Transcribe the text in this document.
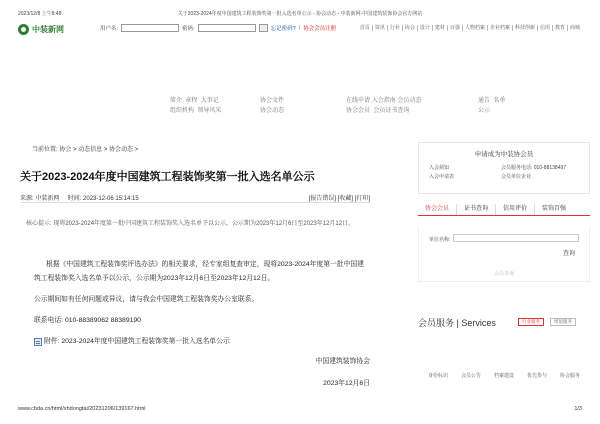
2023/12/8 上午8:48	关于2023-2024年度中国建筑工程装饰奖第一批入选名单公示 - 协会动态 - 中装新网·中国建筑装饰协会官方网站
中装新网	用户名:	密码:	忘记密码? | 协会会员注册	首页	资讯	行业	协会	设计	建材	百强	人物档案	企业档案	科技创新	信用	教育	商城
简介 章程 大事记
组织机构 领导风采
协会文件
协会动态
在线申请 入会指南 会员动态
协会会员 会员证书查询
通告 名单
公示
当前位置: 协会 > 动态信息 > 协会动态 >
关于2023-2024年度中国建筑工程装饰奖第一批入选名单公示
来源: 中装新网 时间: 2023-12-06 15:14:15	[报告错误] [收藏] [打印]
核心提示: 现将2023-2024年度第一批中国建筑工程装饰奖入选名单予以公示，公示期为2023年12月6日至2023年12月12日。

根据《中国建筑工程装饰奖评选办法》的相关要求，经专家组复查审定，现将2023-2024年度第一批中国建筑工程装饰奖入选名单予以公示，公示期为2023年12月6日至2023年12月12日。

公示期间如有任何问题或异议，请与我会中国建筑工程装饰奖办公室联系。

联系电话: 010-88389062 88389190

附件: 2023-2024年度中国建筑工程装饰奖第一批入选名单公示

中国建筑装饰协会
2023年12月6日
申请成为中装协会员
入会须知
入会申请表
会员服务电话: 010-88138497
会员单位企业
协会会员	证书查询	信用评价	装饰百强
单位名称:
查询
会员查询
会员服务 | Services	行业服务	增值服务
身份标识	会员公告	档案建设	优先参与	协会服务
www.cbda.cn/html/xhdongtai/20231206/139167.html	1/3
